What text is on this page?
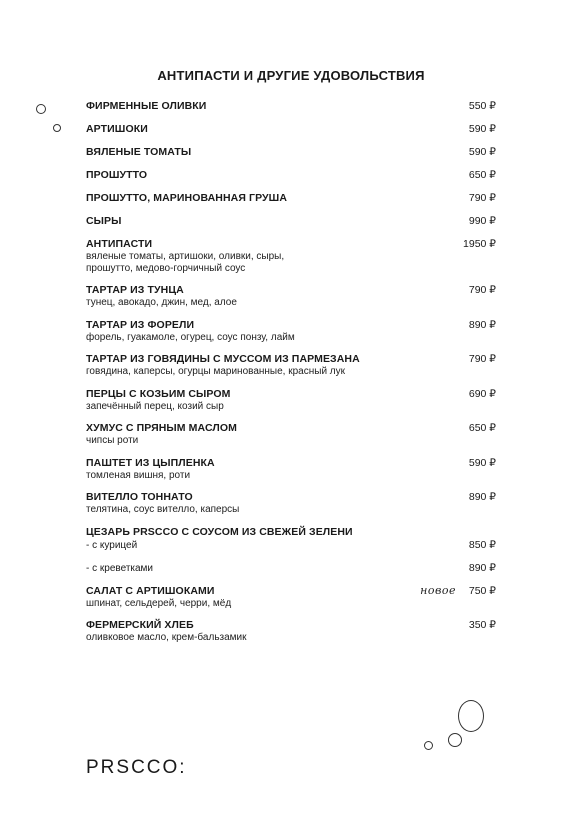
АНТИПАСТИ И ДРУГИЕ УДОВОЛЬСТВИЯ
ФИРМЕННЫЕ ОЛИВКИ	550 ₽
АРТИШОКИ	590 ₽
ВЯЛЕНЫЕ ТОМАТЫ	590 ₽
ПРОШУТТО	650 ₽
ПРОШУТТО, МАРИНОВАННАЯ ГРУША	790 ₽
СЫРЫ	990 ₽
АНТИПАСТИ	1950 ₽
вяленые томаты, артишоки, оливки, сыры,
прошутто, медово-горчичный соус
ТАРТАР ИЗ ТУНЦА	790 ₽
тунец, авокадо, джин, мед, алое
ТАРТАР ИЗ ФОРЕЛИ	890 ₽
форель, гуакамоле, огурец, соус понзу, лайм
ТАРТАР ИЗ ГОВЯДИНЫ С МУССОМ ИЗ ПАРМЕЗАНА	790 ₽
говядина, каперсы, огурцы маринованные, красный лук
ПЕРЦЫ С КОЗЬИМ СЫРОМ	690 ₽
запечённый перец, козий сыр
ХУМУС С ПРЯНЫМ МАСЛОМ	650 ₽
чипсы роти
ПАШТЕТ ИЗ ЦЫПЛЕНКА	590 ₽
томленая вишня, роти
ВИТЕЛЛО ТОННАТО	890 ₽
телятина, соус вителло, каперсы
ЦЕЗАРЬ PRSCCO С СОУСОМ ИЗ СВЕЖЕЙ ЗЕЛЕНИ
- с курицей	850 ₽
- с креветками	890 ₽
САЛАТ С АРТИШОКАМИ	750 ₽
новое
шпинат, сельдерей, черри, мёд
ФЕРМЕРСКИЙ ХЛЕБ	350 ₽
оливковое масло, крем-бальзамик
PRSCCO:
